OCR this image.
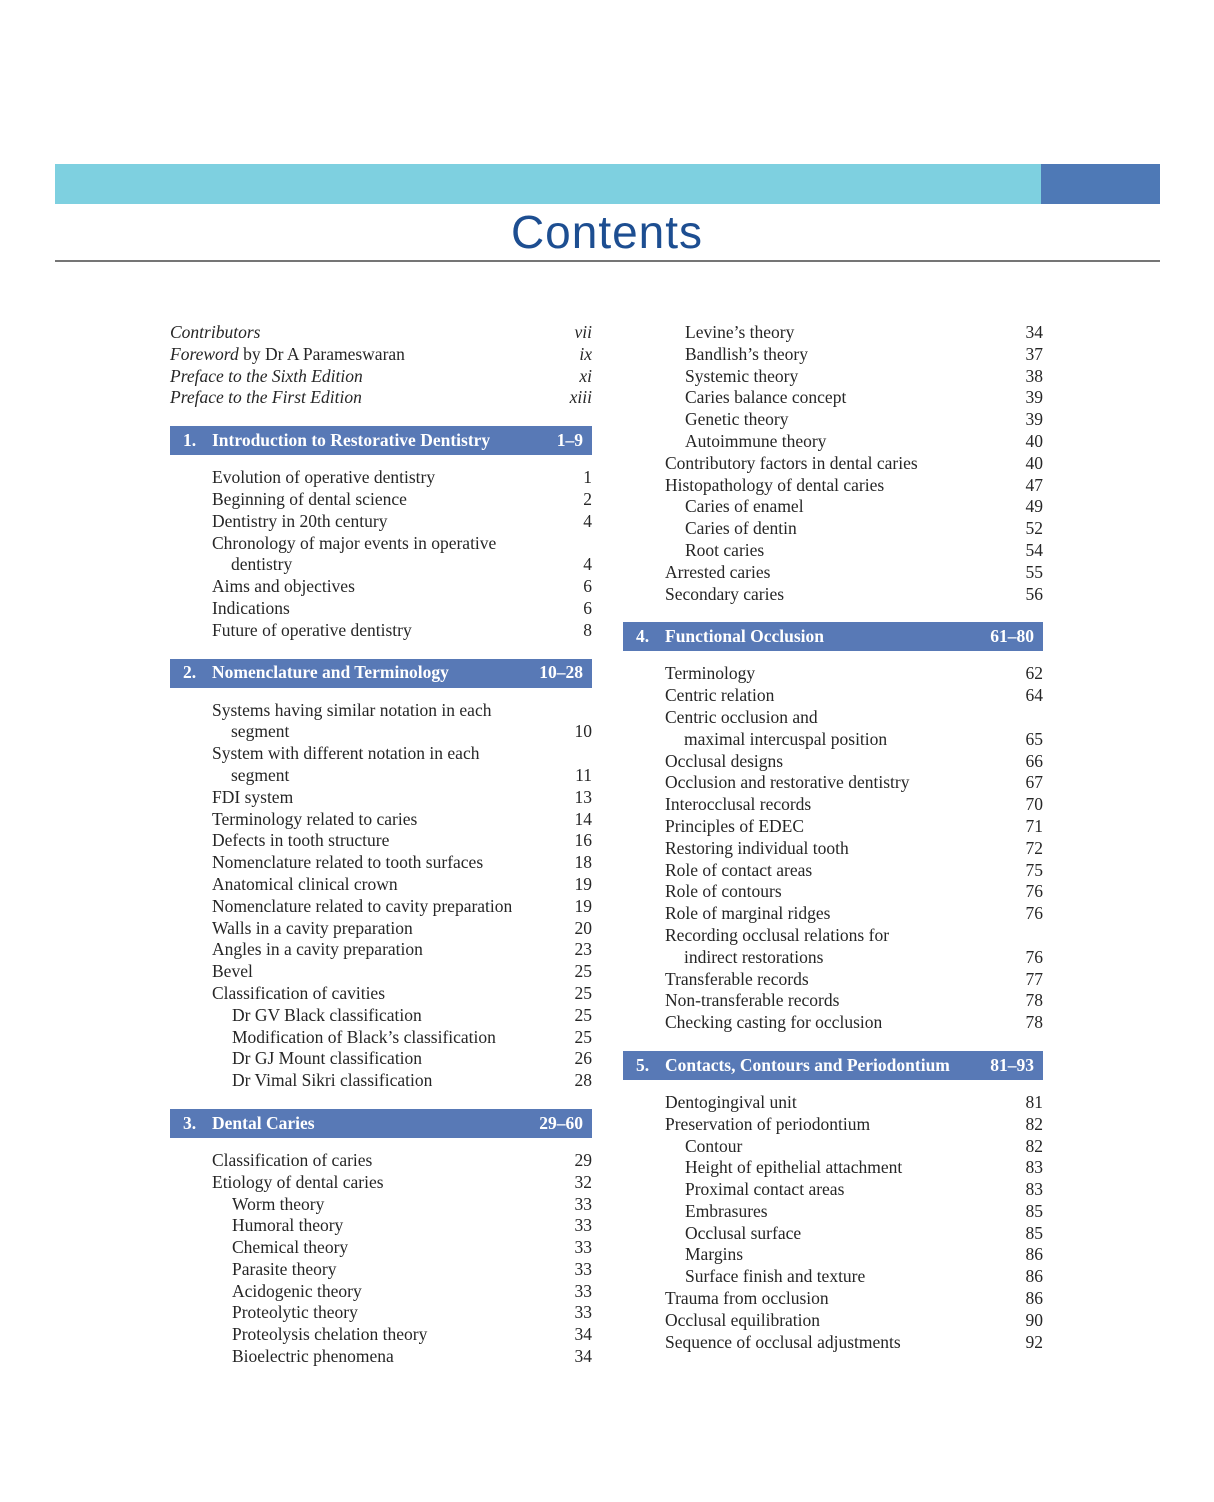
Contents
Contributors	vii
Foreword by Dr A Parameswaran	ix
Preface to the Sixth Edition	xi
Preface to the First Edition	xiii
1. Introduction to Restorative Dentistry	1–9
Evolution of operative dentistry	1
Beginning of dental science	2
Dentistry in 20th century	4
Chronology of major events in operative
dentistry	4
Aims and objectives	6
Indications	6
Future of operative dentistry	8
2. Nomenclature and Terminology	10–28
Systems having similar notation in each
segment	10
System with different notation in each
segment	11
FDI system	13
Terminology related to caries	14
Defects in tooth structure	16
Nomenclature related to tooth surfaces	18
Anatomical clinical crown	19
Nomenclature related to cavity preparation	19
Walls in a cavity preparation	20
Angles in a cavity preparation	23
Bevel	25
Classification of cavities	25
Dr GV Black classification	25
Modification of Black’s classification	25
Dr GJ Mount classification	26
Dr Vimal Sikri classification	28
3. Dental Caries	29–60
Classification of caries	29
Etiology of dental caries	32
Worm theory	33
Humoral theory	33
Chemical theory	33
Parasite theory	33
Acidogenic theory	33
Proteolytic theory	33
Proteolysis chelation theory	34
Bioelectric phenomena	34
Levine’s theory	34
Bandlish’s theory	37
Systemic theory	38
Caries balance concept	39
Genetic theory	39
Autoimmune theory	40
Contributory factors in dental caries	40
Histopathology of dental caries	47
Caries of enamel	49
Caries of dentin	52
Root caries	54
Arrested caries	55
Secondary caries	56
4. Functional Occlusion	61–80
Terminology	62
Centric relation	64
Centric occlusion and
maximal intercuspal position	65
Occlusal designs	66
Occlusion and restorative dentistry	67
Interocclusal records	70
Principles of EDEC	71
Restoring individual tooth	72
Role of contact areas	75
Role of contours	76
Role of marginal ridges	76
Recording occlusal relations for
indirect restorations	76
Transferable records	77
Non-transferable records	78
Checking casting for occlusion	78
5. Contacts, Contours and Periodontium	81–93
Dentogingival unit	81
Preservation of periodontium	82
Contour	82
Height of epithelial attachment	83
Proximal contact areas	83
Embrasures	85
Occlusal surface	85
Margins	86
Surface finish and texture	86
Trauma from occlusion	86
Occlusal equilibration	90
Sequence of occlusal adjustments	92
